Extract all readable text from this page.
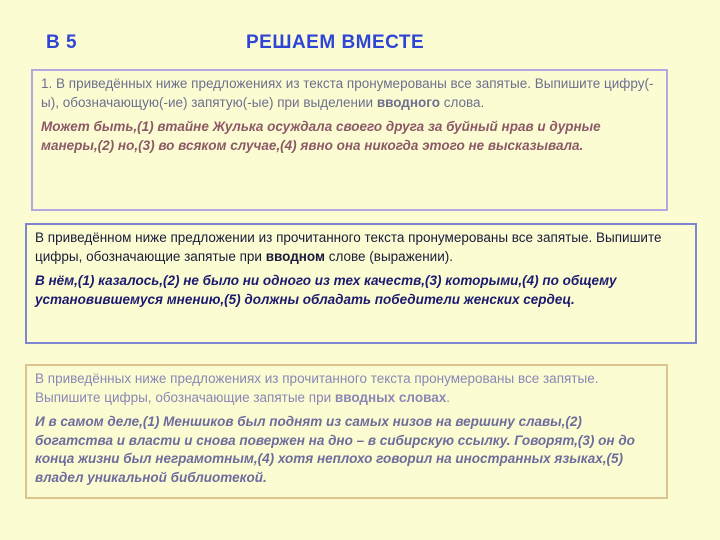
В 5	РЕШАЕМ ВМЕСТЕ

1. В приведённых ниже предложениях из текста пронумерованы все запятые. Выпишите цифру(-ы), обозначающую(-ие) запятую(-ые) при выделении вводного слова.

Может быть,(1) втайне Жулька осуждала своего друга за буйный нрав и дурные манеры,(2) но,(3) во всяком случае,(4) явно она никогда этого не высказывала.

В приведённом ниже предложении из прочитанного текста пронумерованы все запятые. Выпишите цифры, обозначающие запятые при вводном слове (выражении).

В нём,(1) казалось,(2) не было ни одного из тех качеств,(3) которыми,(4) по общему установившемуся мнению,(5) должны обладать победители женских сердец.

В приведённых ниже предложениях из прочитанного текста пронумерованы все запятые. Выпишите цифры, обозначающие запятые при вводных словах.

И в самом деле,(1) Меншиков был поднят из самых низов на вершину славы,(2) богатства и власти и снова повержен на дно – в сибирскую ссылку. Говорят,(3) он до конца жизни был неграмотным,(4) хотя неплохо говорил на иностранных языках,(5) владел уникальной библиотекой.
